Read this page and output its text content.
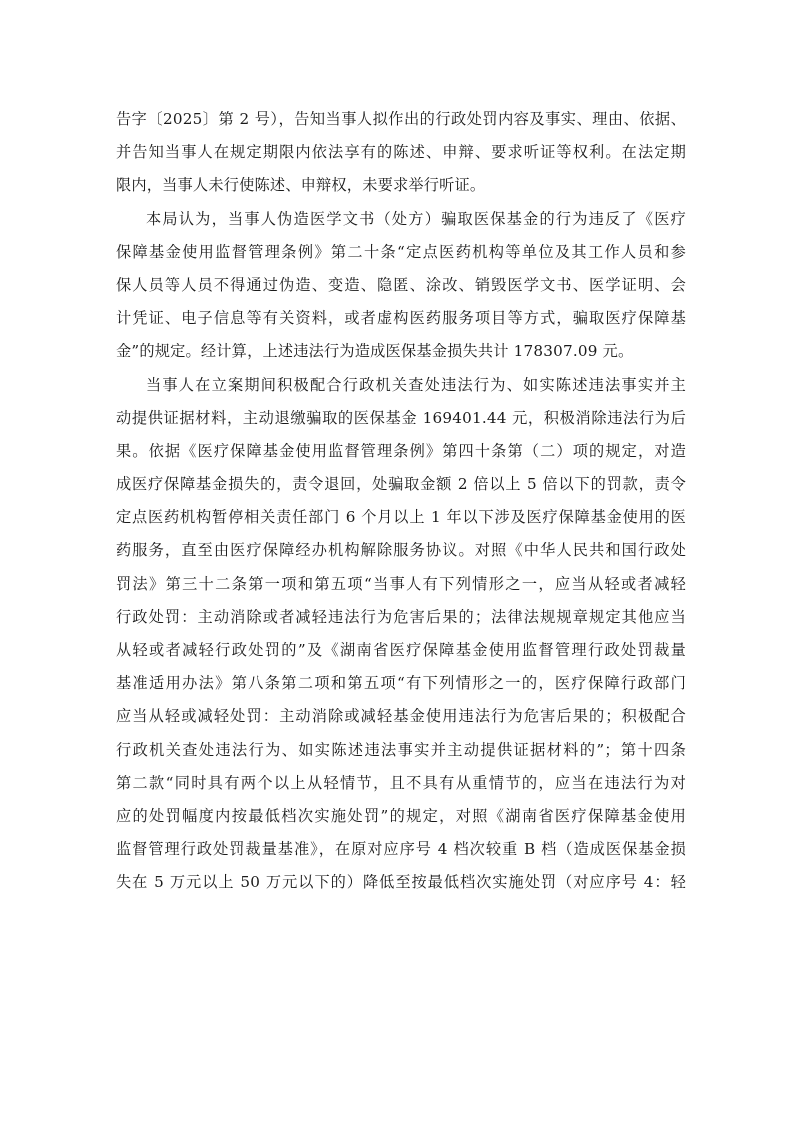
告字〔2025〕第 2 号），告知当事人拟作出的行政处罚内容及事实、理由、依据、
并告知当事人在规定期限内依法享有的陈述、申辩、要求听证等权利。在法定期
限内，当事人未行使陈述、申辩权，未要求举行听证。
本局认为，当事人伪造医学文书（处方）骗取医保基金的行为违反了《医疗
保障基金使用监督管理条例》第二十条“定点医药机构等单位及其工作人员和参
保人员等人员不得通过伪造、变造、隐匿、涂改、销毁医学文书、医学证明、会
计凭证、电子信息等有关资料，或者虚构医药服务项目等方式，骗取医疗保障基
金”的规定。经计算，上述违法行为造成医保基金损失共计 178307.09 元。
当事人在立案期间积极配合行政机关查处违法行为、如实陈述违法事实并主
动提供证据材料，主动退缴骗取的医保基金 169401.44 元，积极消除违法行为后
果。依据《医疗保障基金使用监督管理条例》第四十条第（二）项的规定，对造
成医疗保障基金损失的，责令退回，处骗取金额 2 倍以上 5 倍以下的罚款，责令
定点医药机构暂停相关责任部门 6 个月以上 1 年以下涉及医疗保障基金使用的医
药服务，直至由医疗保障经办机构解除服务协议。对照《中华人民共和国行政处
罚法》第三十二条第一项和第五项“当事人有下列情形之一，应当从轻或者减轻
行政处罚：主动消除或者减轻违法行为危害后果的；法律法规规章规定其他应当
从轻或者减轻行政处罚的”及《湖南省医疗保障基金使用监督管理行政处罚裁量
基准适用办法》第八条第二项和第五项“有下列情形之一的，医疗保障行政部门
应当从轻或减轻处罚：主动消除或减轻基金使用违法行为危害后果的；积极配合
行政机关查处违法行为、如实陈述违法事实并主动提供证据材料的”；第十四条
第二款“同时具有两个以上从轻情节，且不具有从重情节的，应当在违法行为对
应的处罚幅度内按最低档次实施处罚”的规定，对照《湖南省医疗保障基金使用
监督管理行政处罚裁量基准》，在原对应序号 4 档次较重 B 档（造成医保基金损
失在 5 万元以上 50 万元以下的）降低至按最低档次实施处罚（对应序号 4：轻
